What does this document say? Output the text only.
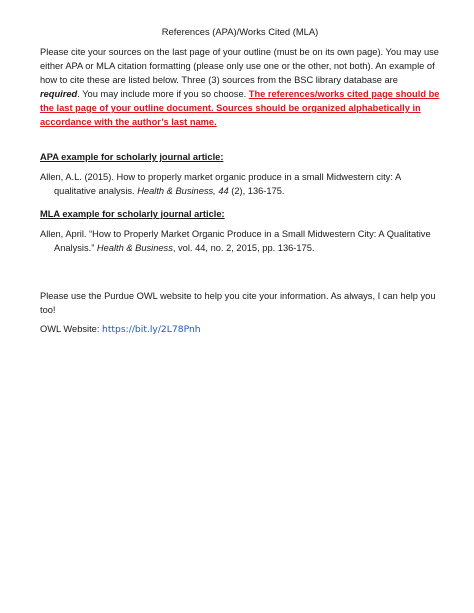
References (APA)/Works Cited (MLA)

Please cite your sources on the last page of your outline (must be on its own page). You may use either APA or MLA citation formatting (please only use one or the other, not both). An example of how to cite these are listed below. Three (3) sources from the BSC library database are required. You may include more if you so choose. The references/works cited page should be the last page of your outline document. Sources should be organized alphabetically in accordance with the author’s last name.

APA example for scholarly journal article:

Allen, A.L. (2015). How to properly market organic produce in a small Midwestern city: A qualitative analysis. Health & Business, 44 (2), 136-175.

MLA example for scholarly journal article:

Allen, April. “How to Properly Market Organic Produce in a Small Midwestern City: A Qualitative Analysis.” Health & Business, vol. 44, no. 2, 2015, pp. 136-175.

Please use the Purdue OWL website to help you cite your information. As always, I can help you too!

OWL Website: https://bit.ly/2L78Pnh
